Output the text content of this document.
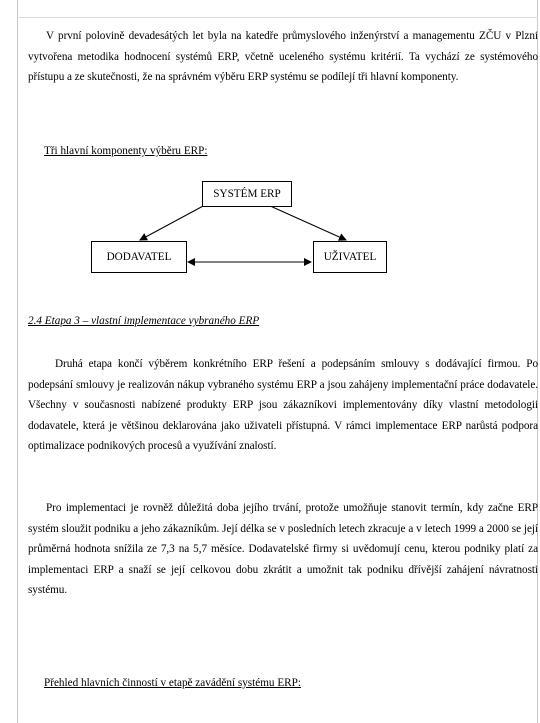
V první polovině devadesátých let byla na katedře průmyslového inženýrství a managementu ZČU v Plzni vytvořena metodika hodnocení systémů ERP, včetně uceleného systému kritérií. Ta vychází ze systémového přístupu a ze skutečnosti, že na správném výběru ERP systému se podílejí tři hlavní komponenty.

Tři hlavní komponenty výběru ERP:
SYSTÉM ERP
DODAVATEL	UŽIVATEL
2.4 Etapa 3 – vlastní implementace vybraného ERP

Druhá etapa končí výběrem konkrétního ERP řešení a podepsáním smlouvy s dodávající firmou. Po podepsání smlouvy je realizován nákup vybraného systému ERP a jsou zahájeny implementační práce dodavatele. Všechny v současnosti nabízené produkty ERP jsou zákazníkovi implementovány díky vlastní metodologii dodavatele, která je většinou deklarována jako uživateli přístupná. V rámci implementace ERP narůstá podpora optimalizace podnikových procesů a využívání znalostí.

Pro implementaci je rovněž důležitá doba jejího trvání, protože umožňuje stanovit termín, kdy začne ERP systém sloužit podniku a jeho zákazníkům. Její délka se v posledních letech zkracuje a v letech 1999 a 2000 se její průměrná hodnota snížila ze 7,3 na 5,7 měsíce. Dodavatelské firmy si uvědomují cenu, kterou podniky platí za implementaci ERP a snaží se její celkovou dobu zkrátit a umožnit tak podniku dřívější zahájení návratnosti systému.

Přehled hlavních činností v etapě zavádění systému ERP:
